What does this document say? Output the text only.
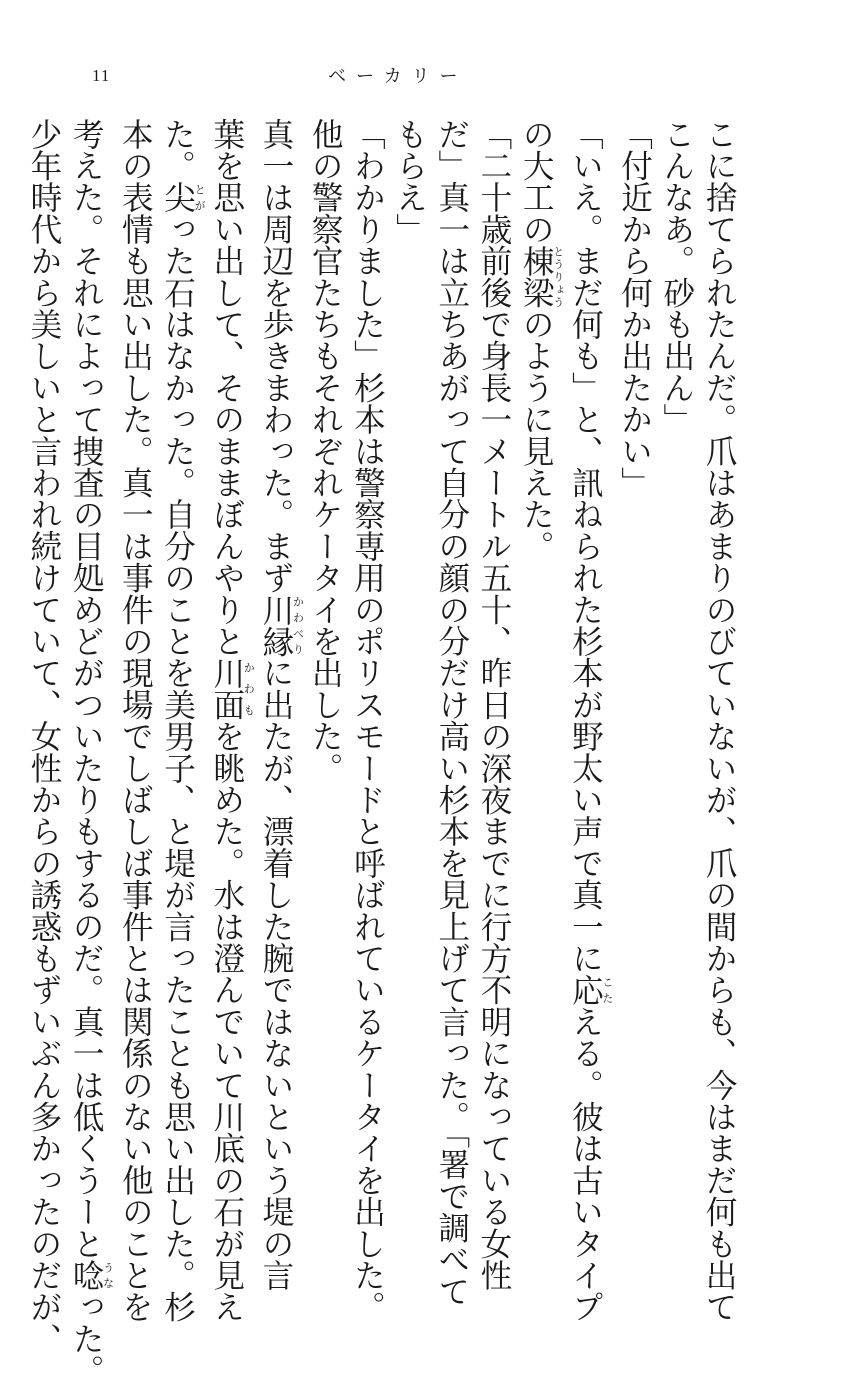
11	ベーカリー
こに捨てられたんだ。爪はあまりのびていないが、爪の間からも、今はまだ何も出て
こんなあ。砂も出ん」
「付近から何か出たかい」
「いえ。まだ何も」と、訊ねられた杉本が野太い声で真一に応こたえる。彼は古いタイプ
の大工の棟梁とうりょうのように見えた。
「二十歳前後で身長一メートル五十、昨日の深夜までに行方不明になっている女性
だ」真一は立ちあがって自分の顔の分だけ高い杉本を見上げて言った。「署で調べて
もらえ」
「わかりました」杉本は警察専用のポリスモードと呼ばれているケータイを出した。
他の警察官たちもそれぞれケータイを出した。
真一は周辺を歩きまわった。まず川縁かわべりに出たが、漂着した腕ではないという堤の言
葉を思い出して、そのままぼんやりと川面かわもを眺めた。水は澄んでいて川底の石が見え
た。尖とがった石はなかった。自分のことを美男子、と堤が言ったことも思い出した。杉
本の表情も思い出した。真一は事件の現場でしばしば事件とは関係のない他のことを
考えた。それによって捜査の目処めどがついたりもするのだ。真一は低くうーと唸うなった。
少年時代から美しいと言われ続けていて、女性からの誘惑もずいぶん多かったのだが、
